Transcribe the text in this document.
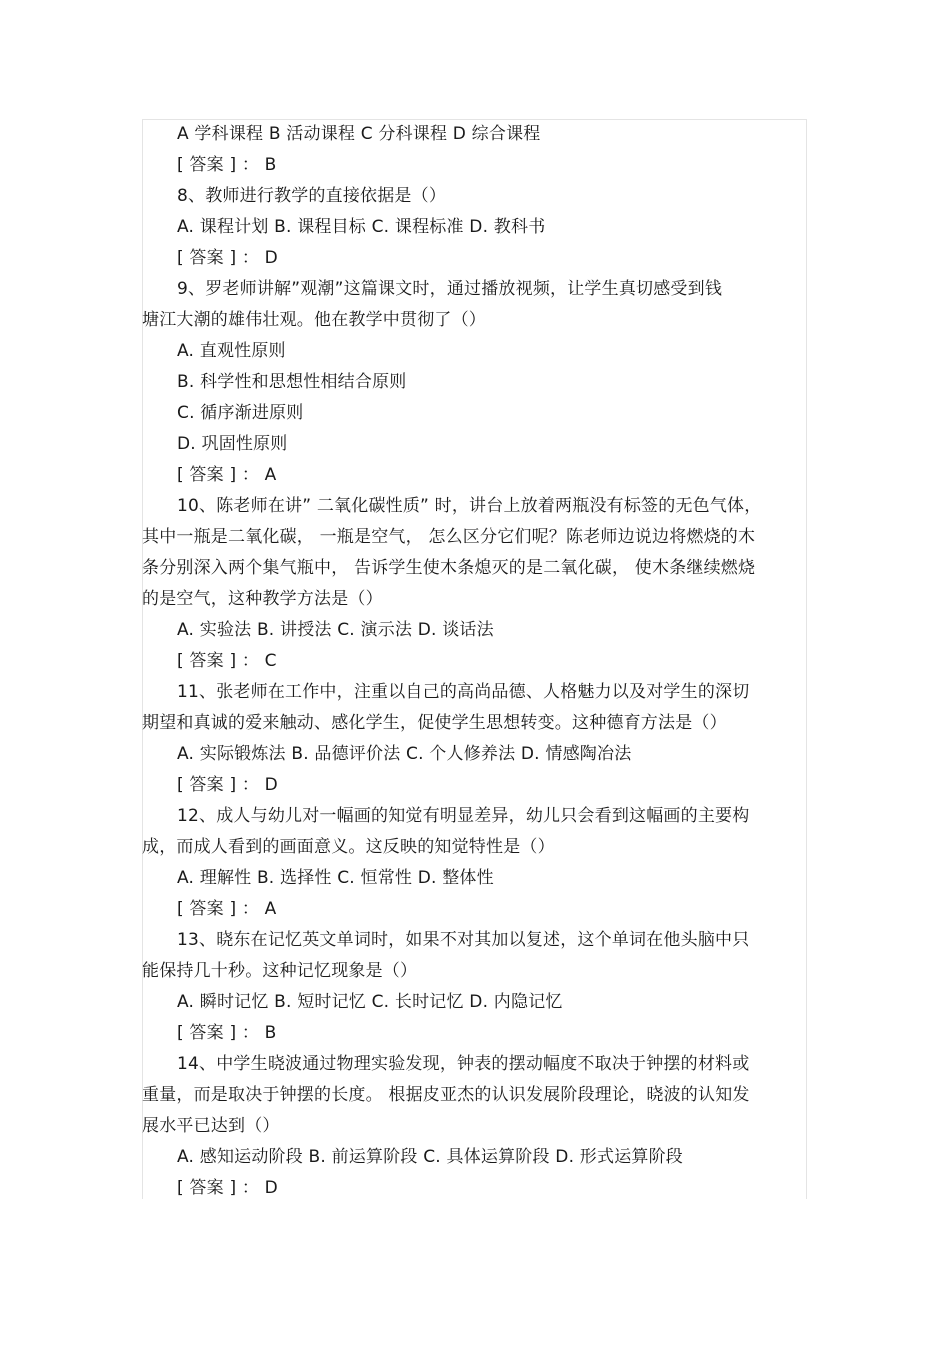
A 学科课程 B 活动课程 C 分科课程 D 综合课程
[ 答案 ] ： B
8、教师进行教学的直接依据是（）
A. 课程计划 B. 课程目标 C. 课程标准 D. 教科书
[ 答案 ] ： D
9、罗老师讲解”观潮”这篇课文时，通过播放视频，让学生真切感受到钱
塘江大潮的雄伟壮观。他在教学中贯彻了（）
A. 直观性原则
B. 科学性和思想性相结合原则
C. 循序渐进原则
D. 巩固性原则
[ 答案 ] ： A
10、陈老师在讲” 二氧化碳性质” 时，讲台上放着两瓶没有标签的无色气体，
其中一瓶是二氧化碳， 一瓶是空气， 怎么区分它们呢？陈老师边说边将燃烧的木
条分别深入两个集气瓶中， 告诉学生使木条熄灭的是二氧化碳， 使木条继续燃烧
的是空气，这种教学方法是（）
A. 实验法 B. 讲授法 C. 演示法 D. 谈话法
[ 答案 ] ： C
11、张老师在工作中，注重以自己的高尚品德、人格魅力以及对学生的深切
期望和真诚的爱来触动、感化学生，促使学生思想转变。这种德育方法是（）
A. 实际锻炼法 B. 品德评价法 C. 个人修养法 D. 情感陶冶法
[ 答案 ] ： D
12、成人与幼儿对一幅画的知觉有明显差异，幼儿只会看到这幅画的主要构
成，而成人看到的画面意义。这反映的知觉特性是（）
A. 理解性 B. 选择性 C. 恒常性 D. 整体性
[ 答案 ] ： A
13、晓东在记忆英文单词时，如果不对其加以复述，这个单词在他头脑中只
能保持几十秒。这种记忆现象是（）
A. 瞬时记忆 B. 短时记忆 C. 长时记忆 D. 内隐记忆
[ 答案 ] ： B
14、中学生晓波通过物理实验发现，钟表的摆动幅度不取决于钟摆的材料或
重量，而是取决于钟摆的长度。 根据皮亚杰的认识发展阶段理论，晓波的认知发
展水平已达到（）
A. 感知运动阶段 B. 前运算阶段 C. 具体运算阶段 D. 形式运算阶段
[ 答案 ] ： D
